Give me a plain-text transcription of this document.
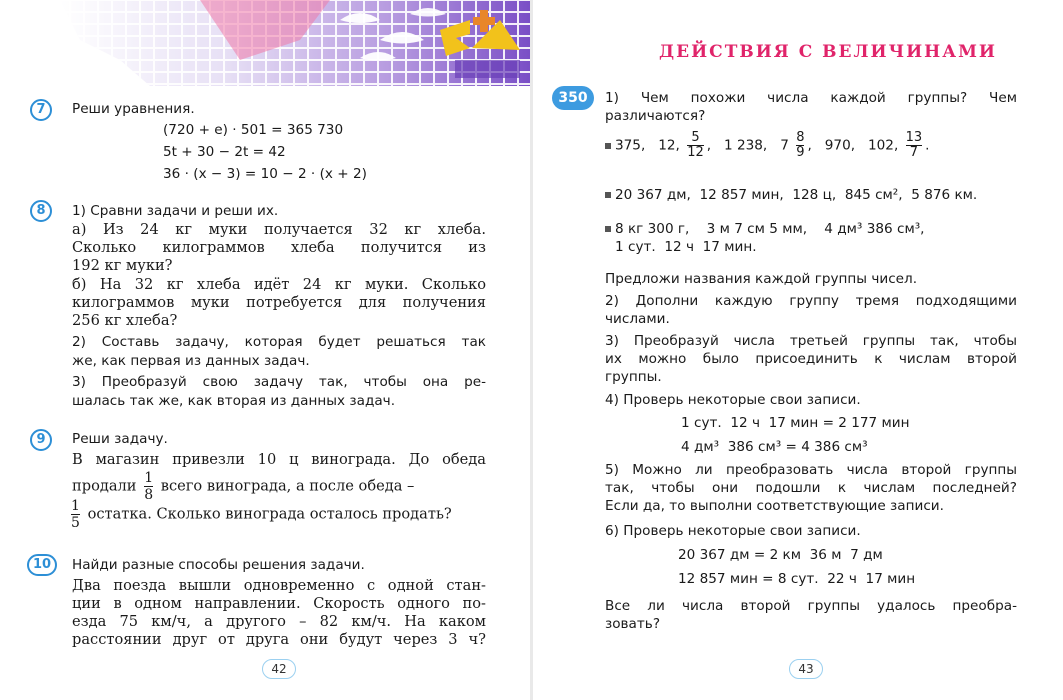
7	Реши уравнения.
(720 + e) · 501 = 365 730
5t + 30 − 2t = 42
36 · (x − 3) = 10 − 2 · (x + 2)
8	1) Сравни задачи и реши их.
а) Из 24 кг муки получается 32 кг хлеба.
Сколько килограммов хлеба получится из
192 кг муки?
б) На 32 кг хлеба идёт 24 кг муки. Сколько
килограммов муки потребуется для получения
256 кг хлеба?
2) Составь задачу, которая будет решаться так
же, как первая из данных задач.
3) Преобразуй свою задачу так, чтобы она ре-
шалась так же, как вторая из данных задач.
9	Реши задачу.
В магазин привезли 10 ц винограда. До обеда
продали $\frac{1}{8}$ всего винограда, а после обеда –
$\frac{1}{5}$ остатка. Сколько винограда осталось продать?
10	Найди разные способы решения задачи.
Два поезда вышли одновременно с одной стан-
ции в одном направлении. Скорость одного по-
езда 75 км/ч, а другого – 82 км/ч. На каком
расстоянии друг от друга они будут через 3 ч?
42
ДЕЙСТВИЯ С ВЕЛИЧИНАМИ
350	1) Чем похожи числа каждой группы? Чем
различаются?
375,   12, $\frac{5}{12}$ ,   1 238,   $7 \frac{8}{9}$ ,   970,   102, $\frac{13}{7}$ .
20 367 дм,  12 857 мин,  128 ц,  845 см²,  5 876 км.
8 кг 300 г,    3 м 7 см 5 мм,    4 дм³ 386 см³,
1 сут.  12 ч  17 мин.
Предложи названия каждой группы чисел.
2) Дополни каждую группу тремя подходящими
числами.
3) Преобразуй числа третьей группы так, чтобы
их можно было присоединить к числам второй
группы.
4) Проверь некоторые свои записи.
1 сут.  12 ч  17 мин = 2 177 мин
4 дм³  386 см³ = 4 386 см³
5) Можно ли преобразовать числа второй группы
так, чтобы они подошли к числам последней?
Если да, то выполни соответствующие записи.
6) Проверь некоторые свои записи.
20 367 дм = 2 км  36 м  7 дм
12 857 мин = 8 сут.  22 ч  17 мин
Все ли числа второй группы удалось преобра-
зовать?
43
